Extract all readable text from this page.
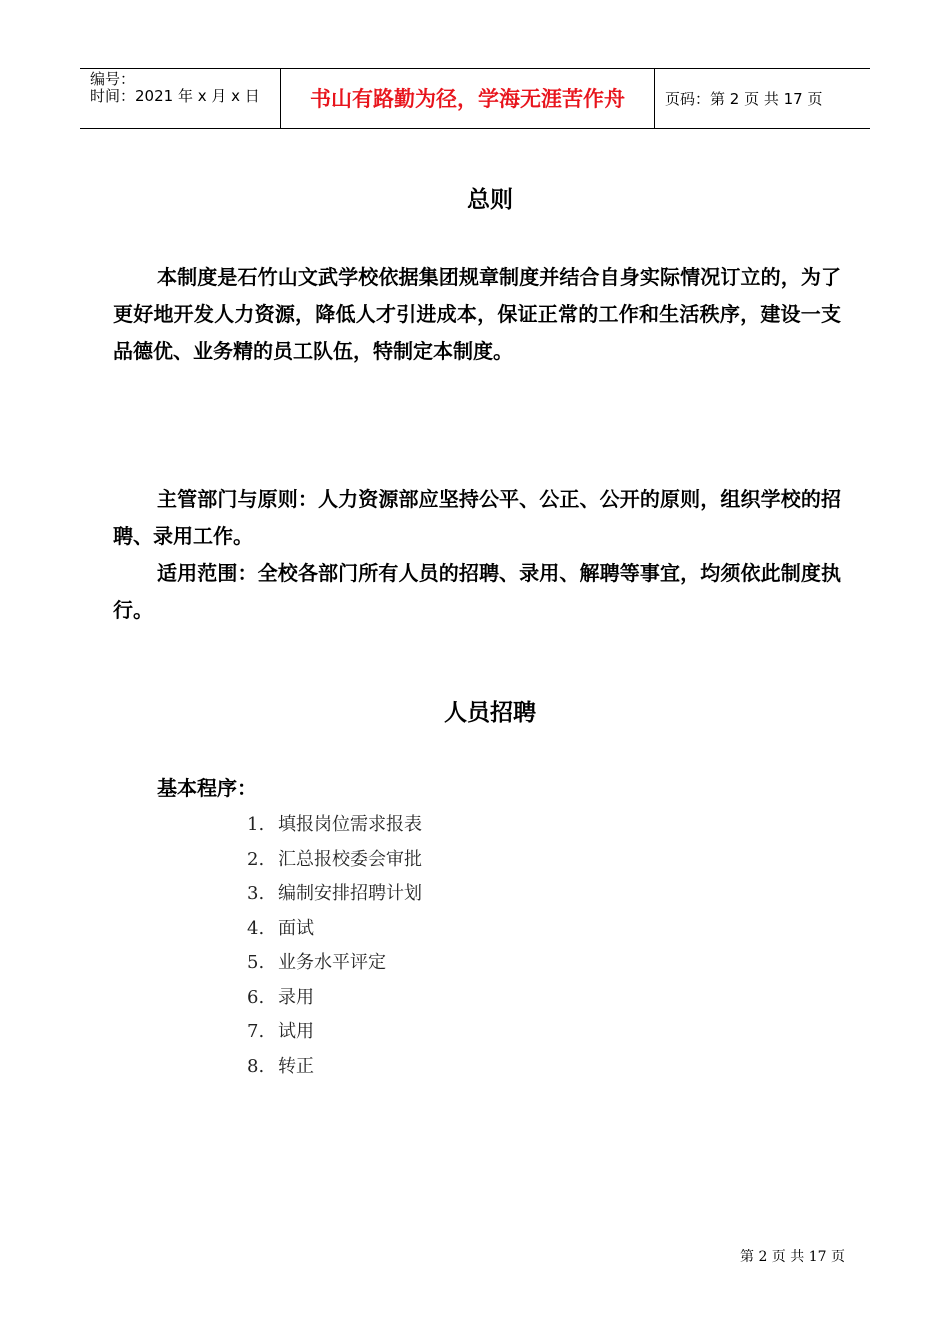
编号：
时间：2021 年 x 月 x 日	书山有路勤为径，学海无涯苦作舟	页码：第 2 页 共 17 页
总则

本制度是石竹山文武学校依据集团规章制度并结合自身实际情况订立的，为了更好地开发人力资源，降低人才引进成本，保证正常的工作和生活秩序，建设一支品德优、业务精的员工队伍，特制定本制度。

主管部门与原则：人力资源部应坚持公平、公正、公开的原则，组织学校的招聘、录用工作。

适用范围：全校各部门所有人员的招聘、录用、解聘等事宜，均须依此制度执行。

人员招聘
基本程序：
1. 填报岗位需求报表
2. 汇总报校委会审批
3. 编制安排招聘计划
4. 面试
5. 业务水平评定
6. 录用
7. 试用
8. 转正
第 2 页 共 17 页
